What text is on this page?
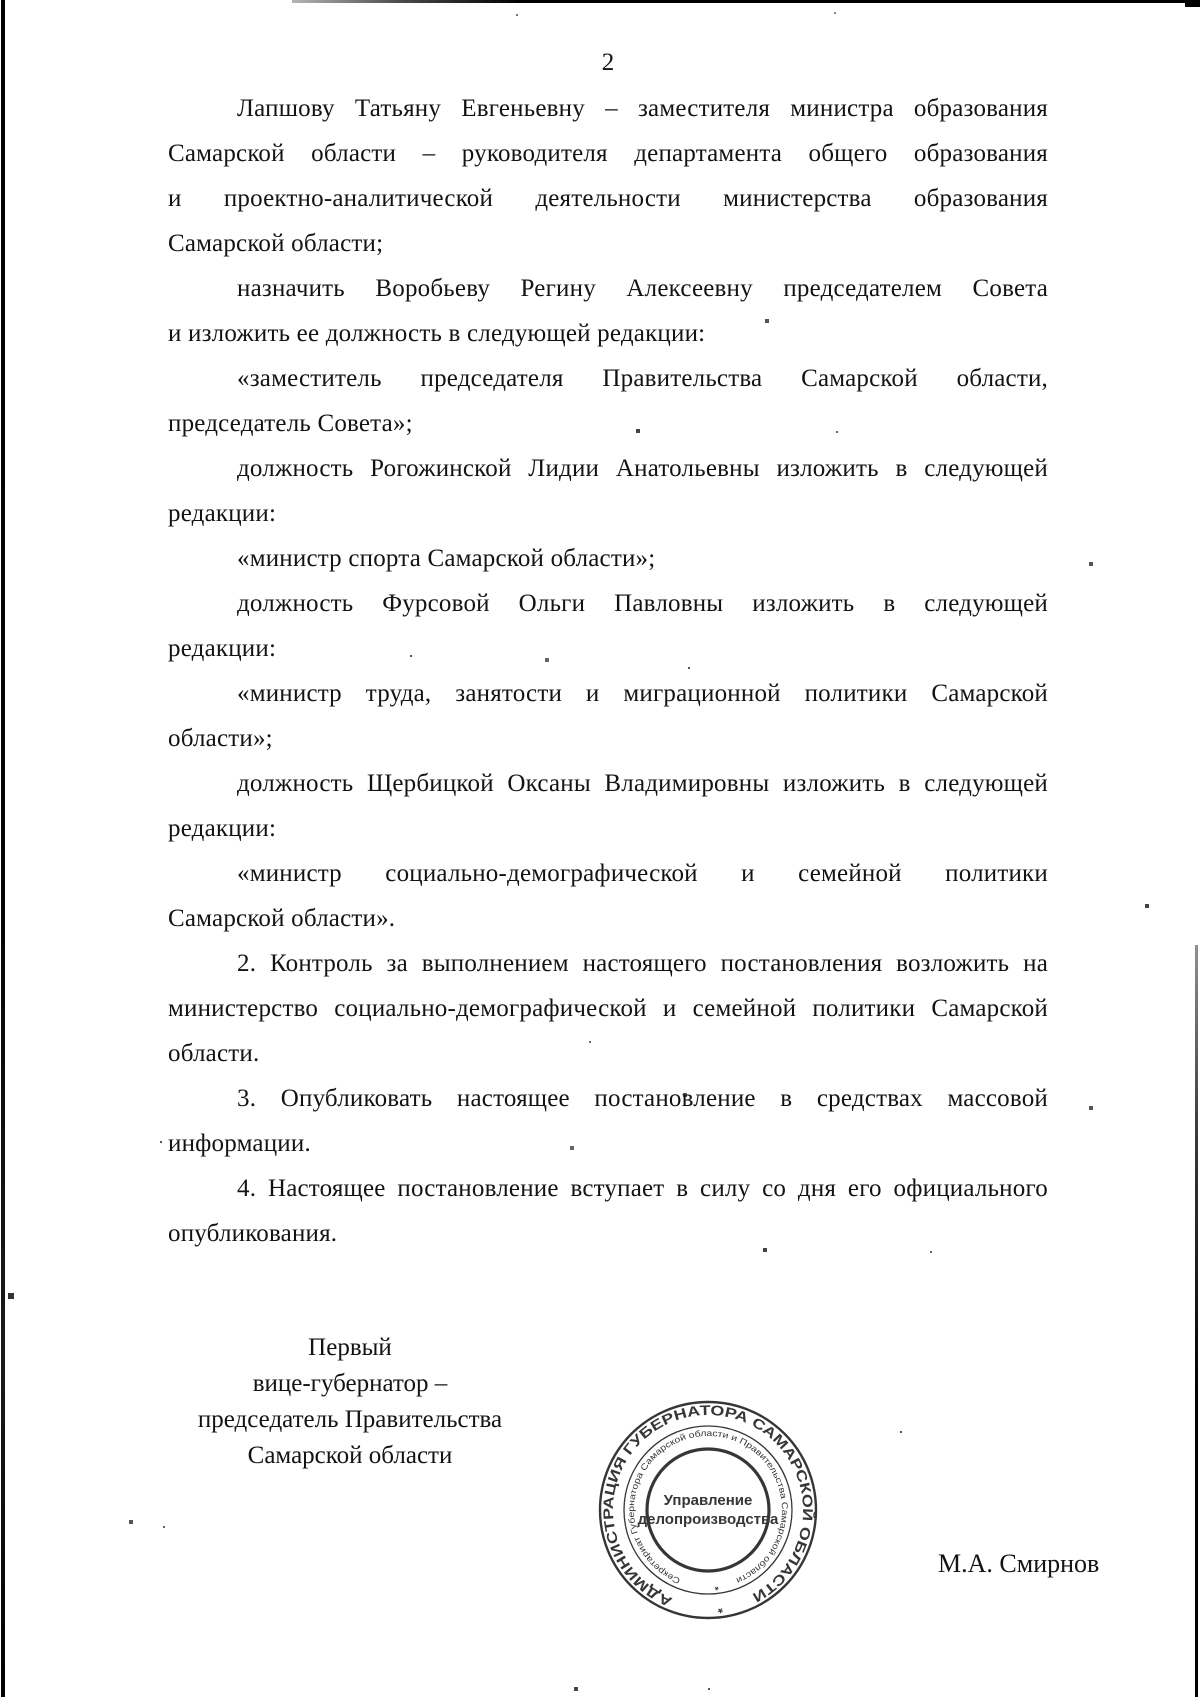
2
Лапшову Татьяну Евгеньевну – заместителя министра образования
Самарской области – руководителя департамента общего образования
и проектно-аналитической деятельности министерства образования
Самарской области;
назначить Воробьеву Регину Алексеевну председателем Совета
и изложить ее должность в следующей редакции:
«заместитель председателя Правительства Самарской области,
председатель Совета»;
должность Рогожинской Лидии Анатольевны изложить в следующей
редакции:
«министр спорта Самарской области»;
должность Фурсовой Ольги Павловны изложить в следующей
редакции:
«министр труда, занятости и миграционной политики Самарской
области»;
должность Щербицкой Оксаны Владимировны изложить в следующей
редакции:
«министр социально-демографической и семейной политики
Самарской области».
2. Контроль за выполнением настоящего постановления возложить на
министерство социально-демографической и семейной политики Самарской
области.
3. Опубликовать настоящее постановление в средствах массовой
информации.
4. Настоящее постановление вступает в силу со дня его официального
опубликования.
Первый
вице-губернатор –
председатель Правительства
Самарской области
АДМИНИСТРАЦИЯ ГУБЕРНАТОРА САМАРСКОЙ ОБЛАСТИ
*
Секретариат Губернатора Самарской области и Правительства Самарской области
*
Управление
делопроизводства
М.А. Смирнов
